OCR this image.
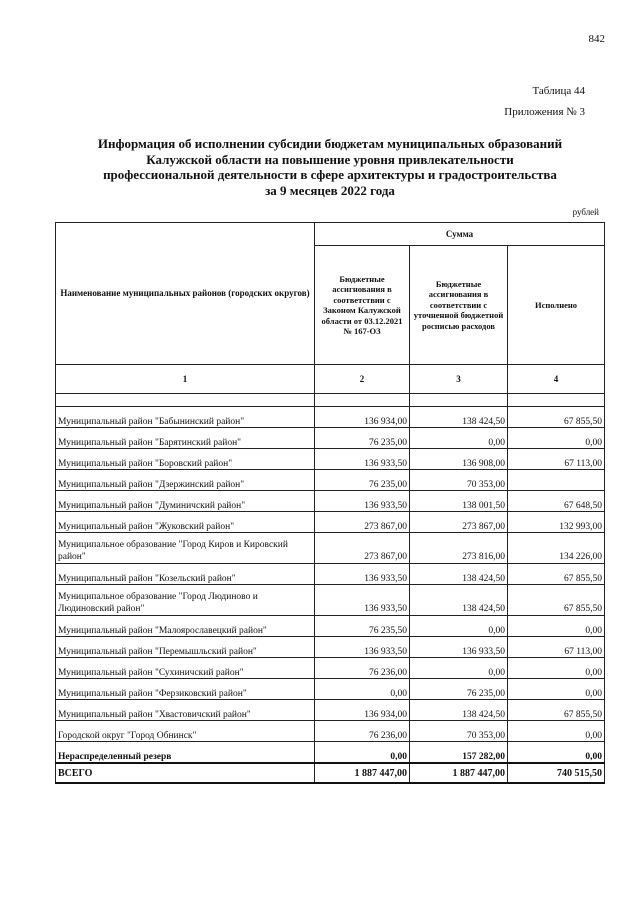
842
Таблица 44
Приложения № 3
Информация об исполнении субсидии бюджетам муниципальных образований
Калужской области на повышение уровня привлекательности
профессиональной деятельности в сфере архитектуры и градостроительства
за 9 месяцев 2022 года
рублей
Наименование муниципальных районов (городских округов)	Сумма		
	Бюджетные ассигнования в соответствии с Законом Калужской области от 03.12.2021 № 167-ОЗ	Бюджетные ассигнования в соответствии с уточненной бюджетной росписью расходов	Исполнено
1	2	3	4

Муниципальный район "Бабынинский район"	136 934,00	138 424,50	67 855,50
Муниципальный район "Барятинский район"	76 235,00	0,00	0,00
Муниципальный район "Боровский район"	136 933,50	136 908,00	67 113,00
Муниципальный район "Дзержинский район"	76 235,00	70 353,00	
Муниципальный район "Думиничский район"	136 933,50	138 001,50	67 648,50
Муниципальный район "Жуковский район"	273 867,00	273 867,00	132 993,00
Муниципальное образование "Город Киров и Кировский район"	273 867,00	273 816,00	134 226,00
Муниципальный район "Козельский район"	136 933,50	138 424,50	67 855,50
Муниципальное образование "Город Людиново и Людиновский район"	136 933,50	138 424,50	67 855,50
Муниципальный район "Малоярославецкий район"	76 235,50	0,00	0,00
Муниципальный район "Перемышльский район"	136 933,50	136 933,50	67 113,00
Муниципальный район "Сухиничский район"	76 236,00	0,00	0,00
Муниципальный район "Ферзиковский район"	0,00	76 235,00	0,00
Муниципальный район "Хвастовичский район"	136 934,00	138 424,50	67 855,50
Городской округ "Город Обнинск"	76 236,00	70 353,00	0,00
Нераспределенный резерв	0,00	157 282,00	0,00
ВСЕГО	1 887 447,00	1 887 447,00	740 515,50
